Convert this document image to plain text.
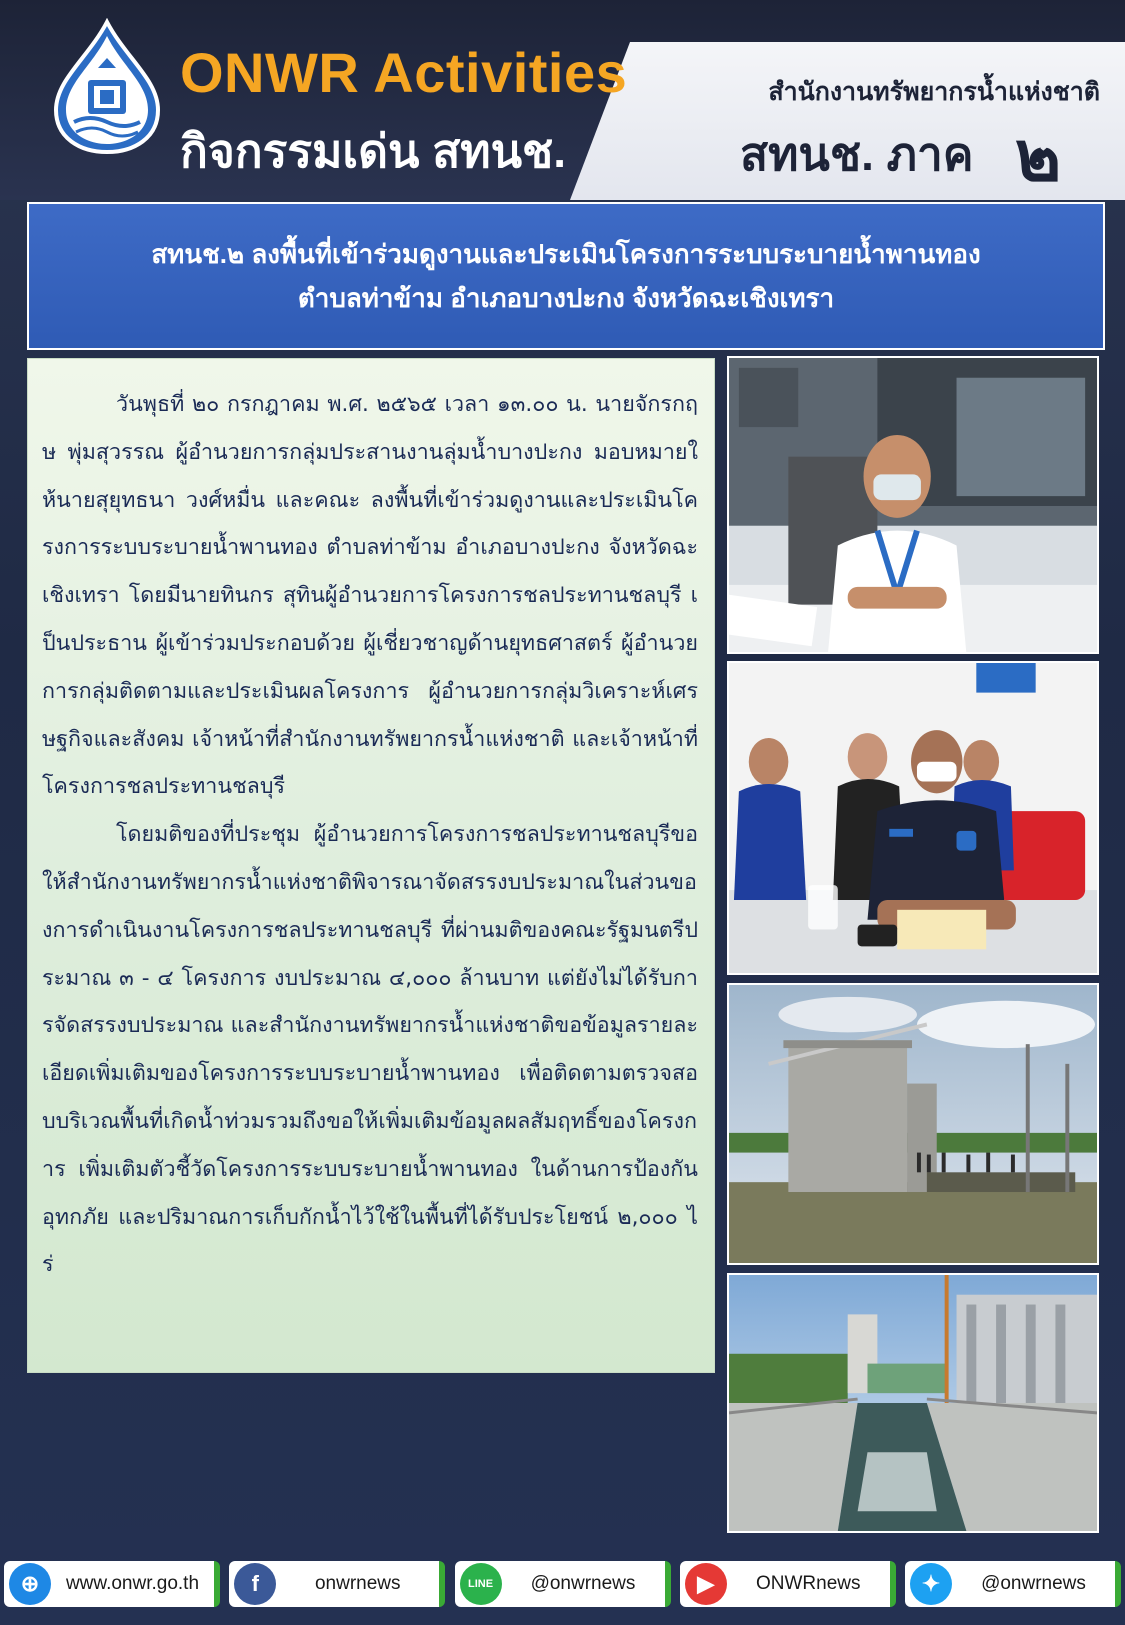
ONWR Activities
กิจกรรมเด่น สทนช.
สำนักงานทรัพยากรน้ำแห่งชาติ
สทนช. ภาค ๒
สทนช.๒ ลงพื้นที่เข้าร่วมดูงานและประเมินโครงการระบบระบายน้ำพานทอง
ตำบลท่าข้าม อำเภอบางปะกง จังหวัดฉะเชิงเทรา

วันพุธที่ ๒๐ กรกฎาคม พ.ศ. ๒๕๖๕ เวลา ๑๓.๐๐ น. นายจักรกฤษ พุ่มสุวรรณ ผู้อำนวยการกลุ่มประสานงานลุ่มน้ำบางปะกง มอบหมายให้นายสุยุทธนา วงศ์หมื่น และคณะ ลงพื้นที่เข้าร่วมดูงานและประเมินโครงการระบบระบายน้ำพานทอง ตำบลท่าข้าม อำเภอบางปะกง จังหวัดฉะเชิงเทรา โดยมีนายทินกร สุทินผู้อำนวยการโครงการชลประทานชลบุรี เป็นประธาน ผู้เข้าร่วมประกอบด้วย ผู้เชี่ยวชาญด้านยุทธศาสตร์ ผู้อำนวยการกลุ่มติดตามและประเมินผลโครงการ ผู้อำนวยการกลุ่มวิเคราะห์เศรษฐกิจและสังคม เจ้าหน้าที่สำนักงานทรัพยากรน้ำแห่งชาติ และเจ้าหน้าที่โครงการชลประทานชลบุรี

โดยมติของที่ประชุม ผู้อำนวยการโครงการชลประทานชลบุรีขอให้สำนักงานทรัพยากรน้ำแห่งชาติพิจารณาจัดสรรงบประมาณในส่วนของการดำเนินงานโครงการชลประทานชลบุรี ที่ผ่านมติของคณะรัฐมนตรีประมาณ ๓ - ๔ โครงการ งบประมาณ ๔,๐๐๐ ล้านบาท แต่ยังไม่ได้รับการจัดสรรงบประมาณ และสำนักงานทรัพยากรน้ำแห่งชาติขอข้อมูลรายละเอียดเพิ่มเติมของโครงการระบบระบายน้ำพานทอง เพื่อติดตามตรวจสอบบริเวณพื้นที่เกิดน้ำท่วมรวมถึงขอให้เพิ่มเติมข้อมูลผลสัมฤทธิ์ของโครงการ เพิ่มเติมตัวชี้วัดโครงการระบบระบายน้ำพานทอง ในด้านการป้องกันอุทกภัย และปริมาณการเก็บกักน้ำไว้ใช้ในพื้นที่ได้รับประโยชน์ ๒,๐๐๐ ไร่

⊕	www.onwr.go.th	f	onwrnews	LINE	@onwrnews	▶	ONWRnews	✦	@onwrnews
